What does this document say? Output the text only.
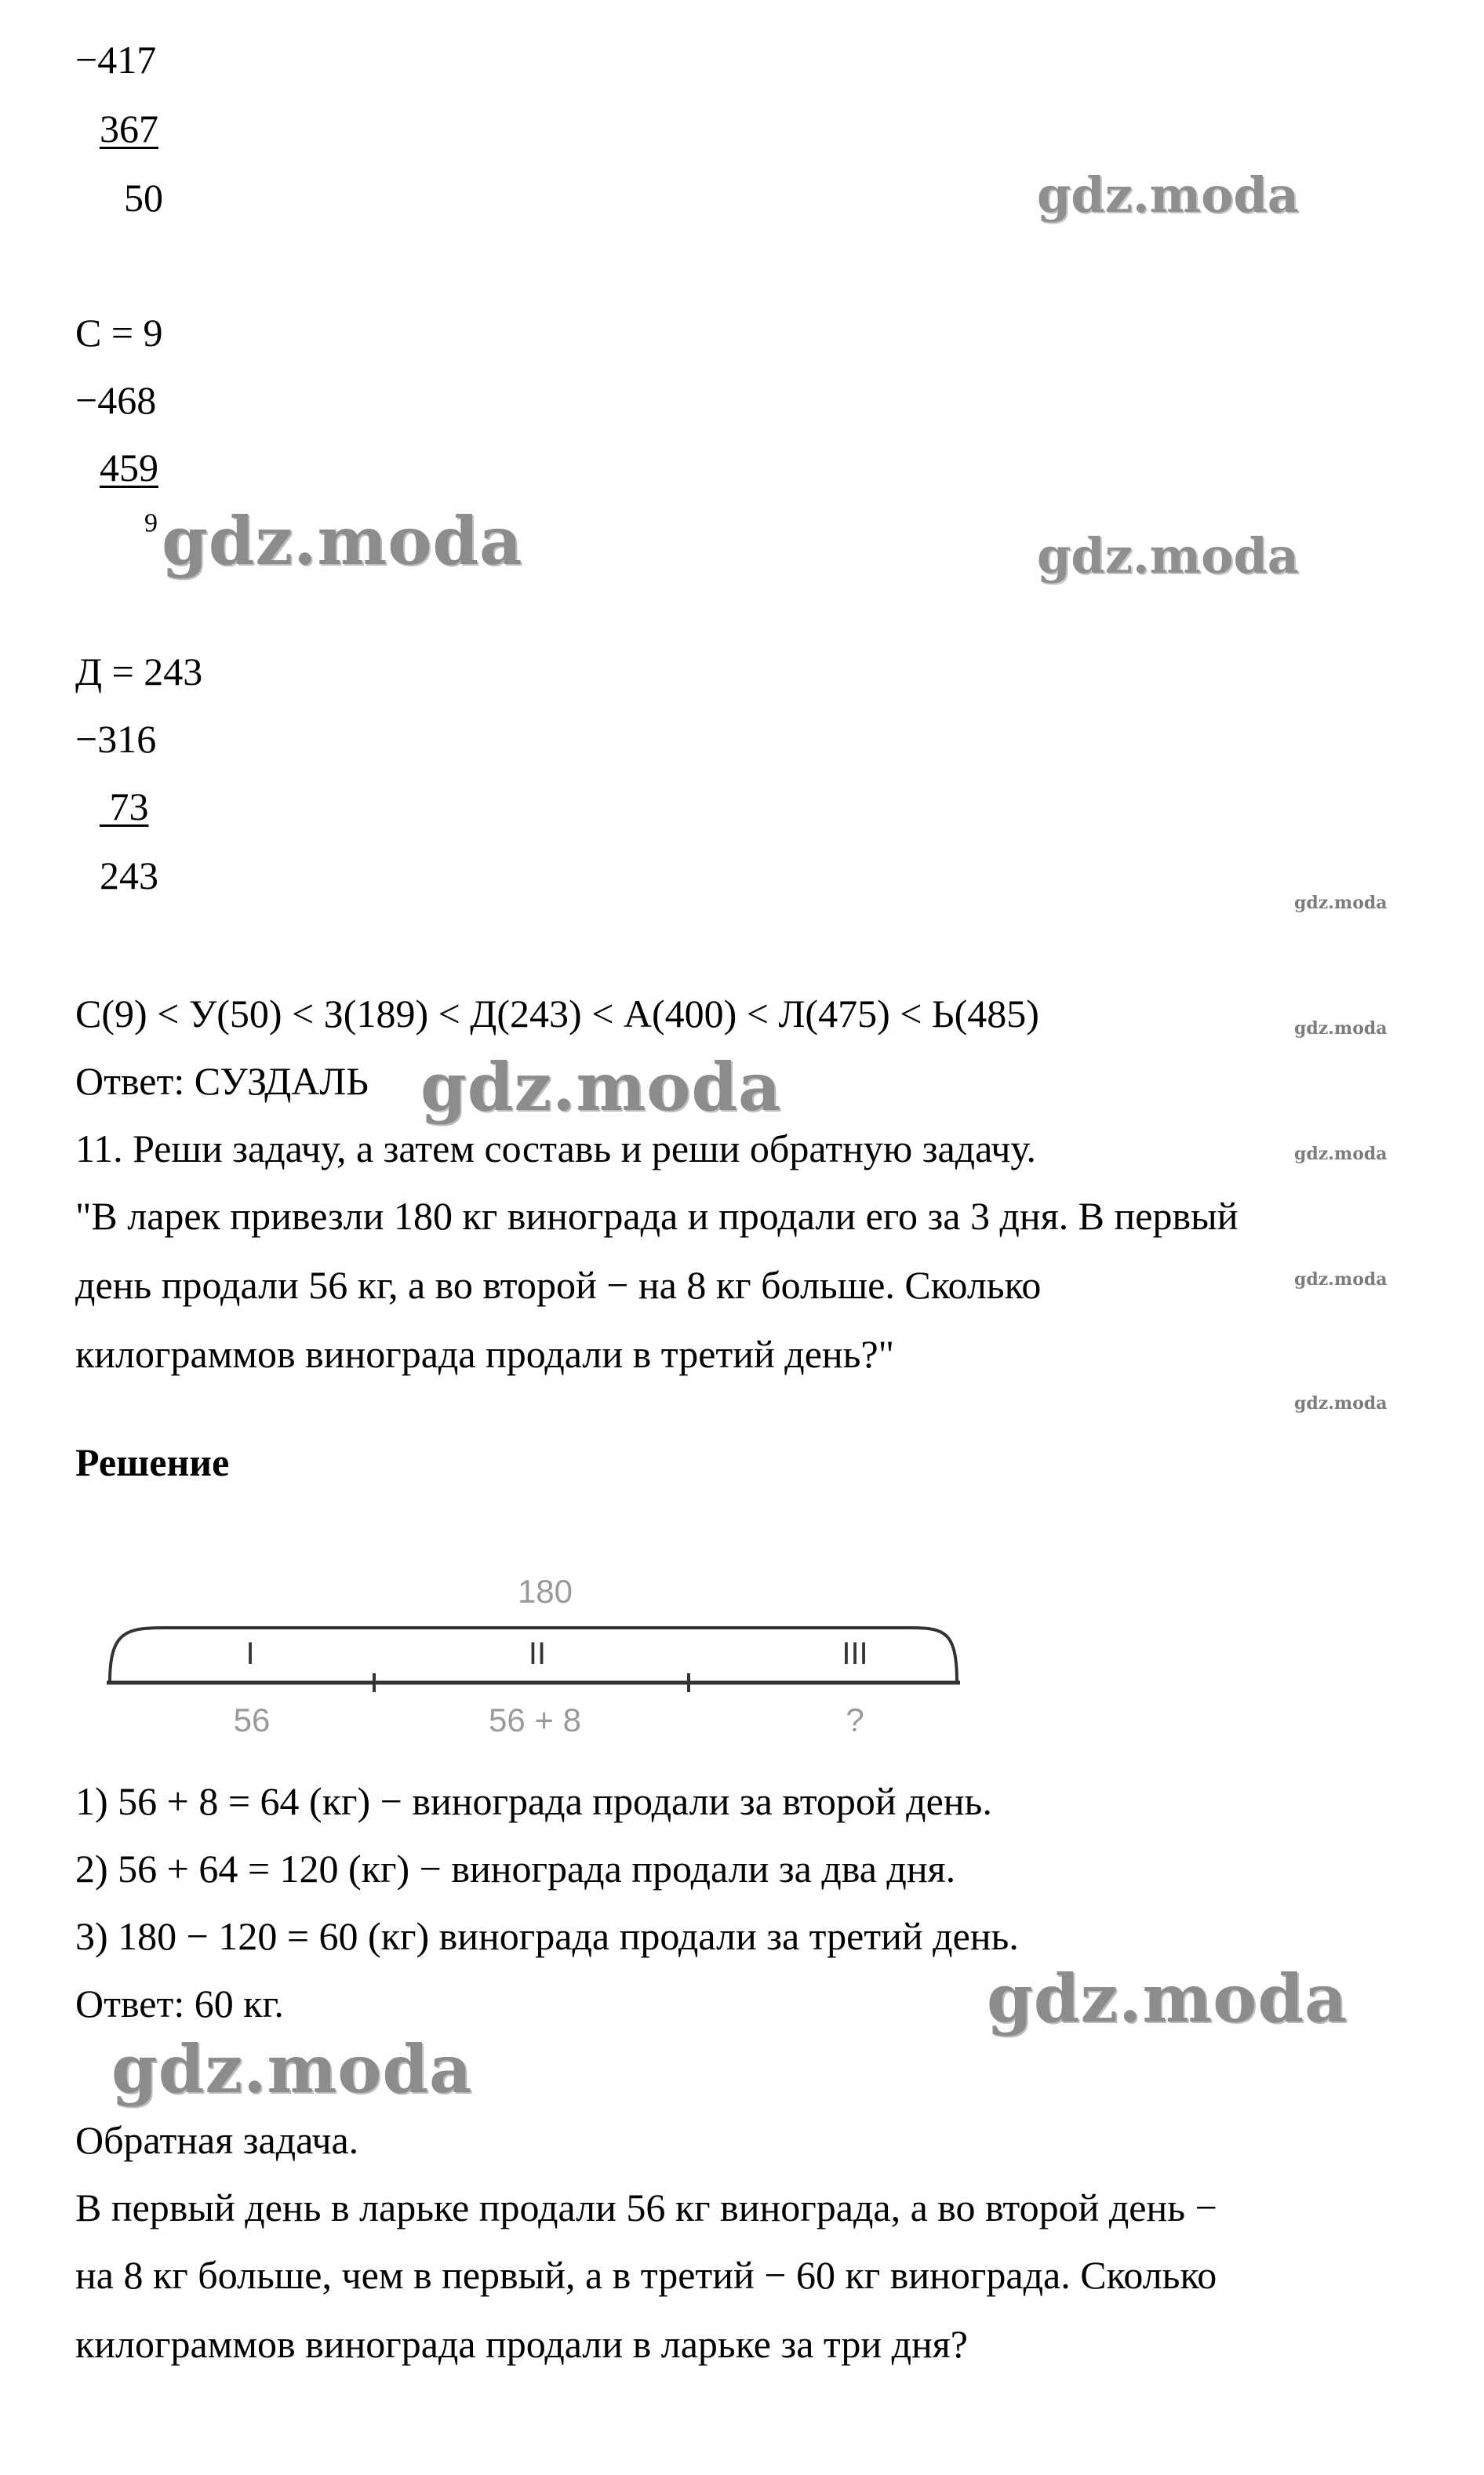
−417
367
50
С = 9
−468
459
$^9$
Д = 243
−316
73
243
С(9) < У(50) < З(189) < Д(243) < А(400) < Л(475) < Ь(485)
Ответ: СУЗДАЛЬ
11. Реши задачу, а затем составь и реши обратную задачу.
"В ларек привезли 180 кг винограда и продали его за 3 дня. В первый
день продали 56 кг, а во второй − на 8 кг больше. Сколько
килограммов винограда продали в третий день?"
Решение
180
I	II	III
56	56 + 8	?
1) 56 + 8 = 64 (кг) − винограда продали за второй день.
2) 56 + 64 = 120 (кг) − винограда продали за два дня.
3) 180 − 120 = 60 (кг) винограда продали за третий день.
Ответ: 60 кг.
Обратная задача.
В первый день в ларьке продали 56 кг винограда, а во второй день −
на 8 кг больше, чем в первый, а в третий − 60 кг винограда. Сколько
килограммов винограда продали в ларьке за три дня?
gdz.moda
gdz.moda	gdz.moda
gdz.moda
gdz.moda
gdz.moda
gdz.moda
gdz.moda
gdz.moda
gdz.moda
gdz.moda
